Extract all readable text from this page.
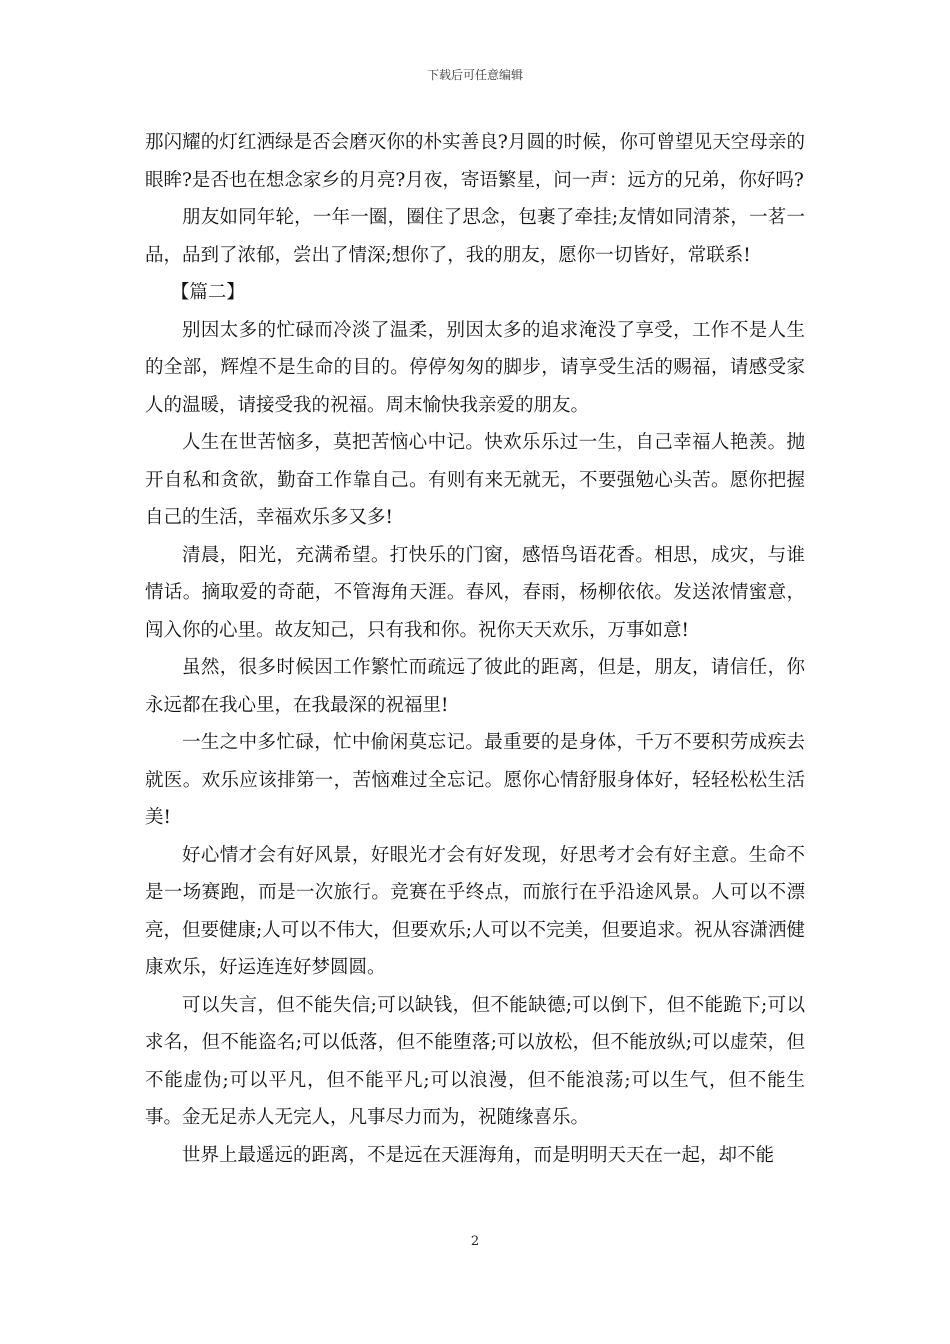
下载后可任意编辑

那闪耀的灯红洒绿是否会磨灭你的朴实善良?月圆的时候，你可曾望见天空母亲的眼眸?是否也在想念家乡的月亮?月夜，寄语繁星，问一声：远方的兄弟，你好吗?

朋友如同年轮，一年一圈，圈住了思念，包裹了牵挂;友情如同清茶，一茗一品，品到了浓郁，尝出了情深;想你了，我的朋友，愿你一切皆好，常联系!

【篇二】

别因太多的忙碌而冷淡了温柔，别因太多的追求淹没了享受，工作不是人生的全部，辉煌不是生命的目的。停停匆匆的脚步，请享受生活的赐福，请感受家人的温暖，请接受我的祝福。周末愉快我亲爱的朋友。

人生在世苦恼多，莫把苦恼心中记。快欢乐乐过一生，自己幸福人艳羡。抛开自私和贪欲，勤奋工作靠自己。有则有来无就无，不要强勉心头苦。愿你把握自己的生活，幸福欢乐多又多!

清晨，阳光，充满希望。打快乐的门窗，感悟鸟语花香。相思，成灾，与谁情话。摘取爱的奇葩，不管海角天涯。春风，春雨，杨柳依依。发送浓情蜜意，闯入你的心里。故友知己，只有我和你。祝你天天欢乐，万事如意!

虽然，很多时候因工作繁忙而疏远了彼此的距离，但是，朋友，请信任，你永远都在我心里，在我最深的祝福里!

一生之中多忙碌，忙中偷闲莫忘记。最重要的是身体，千万不要积劳成疾去就医。欢乐应该排第一，苦恼难过全忘记。愿你心情舒服身体好，轻轻松松生活美!

好心情才会有好风景，好眼光才会有好发现，好思考才会有好主意。生命不是一场赛跑，而是一次旅行。竞赛在乎终点，而旅行在乎沿途风景。人可以不漂亮，但要健康;人可以不伟大，但要欢乐;人可以不完美，但要追求。祝从容潇洒健康欢乐，好运连连好梦圆圆。

可以失言，但不能失信;可以缺钱，但不能缺德;可以倒下，但不能跪下;可以求名，但不能盗名;可以低落，但不能堕落;可以放松，但不能放纵;可以虚荣，但不能虚伪;可以平凡，但不能平凡;可以浪漫，但不能浪荡;可以生气，但不能生事。金无足赤人无完人，凡事尽力而为，祝随缘喜乐。

世界上最遥远的距离，不是远在天涯海角，而是明明天天在一起，却不能

2
